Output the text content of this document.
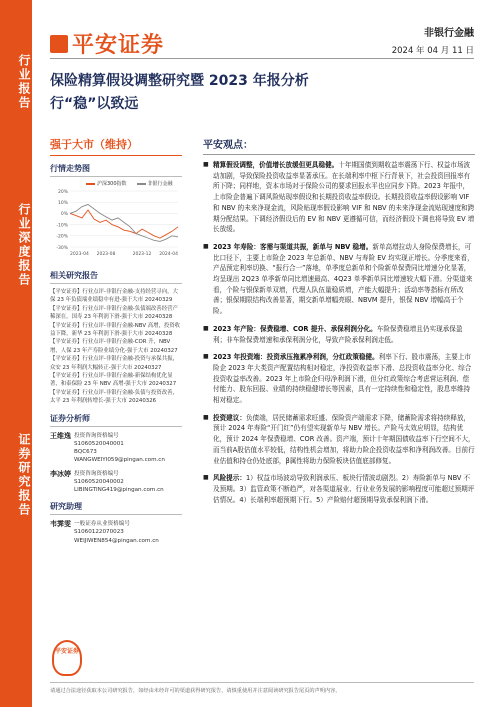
行业报告
行业深度报告
证券研究报告
平安证券	非银行金融
2024 年 04 月 11 日
保险精算假设调整研究暨 2023 年报分析
行“稳”以致远
强于大市（维持）
行情走势图
沪深300指数	非银行金融
20%
10%
0%
-10%
-20%
-30%
2023-04 2023-08	2023-12 2024-04
相关研究报告
【平安证券】行业点评-非银行金融-支持经营寻向，大保 23 年负债端业绩稳中有进-强于大市 20240329
【平安证券】行业点评-非银行金融-负债端改善经营产稀深在，国寿 23 年利润下滑-强于大市 20240328
【平安证券】行业点评-非银行金融-NBV 高增，投资收益下降，新华 23 年利润下滑-强于大市 20240328
【平安证券】行业点评-非银行金融-COR 升，NBV 增，人保 23 年产寿险业绩分化-强于大市 20240327
【平安证券】行业点评-非银行金融-投资与承保共振，众安 23 年利润大幅转正-强于大市 20240327
【平安证券】行业点评-非银行金融-新保结构优化显著，和泰保险 23 年 NBV 高增-强于大市 20240327
【平安证券】行业点评-非银行金融-负债与投资改善，太平 23 年利润转增长-强于大市 20240326
证券分析师
王维逸 投资咨询资格编号
S1060520040001
BQC673
WANGWEIYI059@pingan.com.cn
李冰婷 投资咨询资格编号
S1060520040002
LIBINGTING419@pingan.com.cn
研究助理
韦霁雯 一般证券从业资格编号
S1060122070023
WEIJIWEN854@pingan.com.cn
平安证券
平安观点：
■ 精算假设调整，价值增长放缓但更具稳健。十年期国债到期收益率震荡下行、权益市场波动加剧，导致保险投资收益率显著承压。在长端利率中枢下行背景下，社会投资回报率有所下降；同样地，资本市场对于保险公司的要求回报水平也应同步下降。2023 年报中，上市险企普遍下调风险贴现率假设和长期投资收益率假设。长期投资收益率假设影响 VIF 和 NBV 的未来净现金流，风险贴现率假设影响 VIF 和 NBV 的未来净现金流贴现速度和跨期分配结果。下调经济假设后的 EV 和 NBV 更遵循可信，而经济假设下调也将导致 EV 增长放缓。
■ 2023 年寿险：客需与渠道共振，新单与 NBV 稳增。新单高增拉动人身险保费增长，可比口径下，主要上市险企 2023 年总新单、NBV 与寿险 EV 均实现正增长。分季度来看，产品预定利率切换、“报行合一”落地，单季度总新单和个险新单保费同比增速分化显著，均呈现出 2Q23 单季新单同比增速最高、4Q23 单季新单同比增速较大幅下滑。分渠道来看，个险与银保新单双增，代理人队伍量稳质增，产能大幅提升；活动率等指标有所改善；银保期限结构改善显著，期交新单增幅亮眼、NBVM 提升，银保 NBV 增幅高于个险。
■ 2023 年产险：保费稳增、COR 提升、承保利润分化。车险保费稳增且仍实现承保盈利；非车险保费增速和承保利润分化，导致产险承保利润走低。
■ 2023 年投资端：投资承压拖累净利润，分红政策稳健。利率下行、股市震荡，主要上市险企 2023 年大类资产配置结构相对稳定，净投资收益率下滑、总投资收益率分化、综合投资收益率改善。2023 年上市险企归母净利润下滑，但分红政策综合考虑营运利润、偿付能力、股东回报、业绩的持续稳健增长等因素，具有一定持续性和稳定性，股息率维持相对稳定。
■ 投资建议：负债端，居民储蓄需求旺盛、保险资产端需求下降，储蓄险需求将持续释放，预计 2024 年寿险“开门红”仍有望实现新单与 NBV 增长。产险马太效应明显，结构优化，预计 2024 年保费稳增、COR 改善。资产端，预计十年期国债收益率下行空间不大，而当前A股估值水平较低，结构性机会增加，将助力险企投资收益率和净利润改善。目前行业估值和持仓仍处底部，β属性将助力保险板块估值底部修复。
■ 风险提示：1）权益市场波动导致利润承压、板块行情波动剧烈。2）寿险新单与 NBV 不及预期。3）监管政策不断趋严，对各渠道展业、行业业务发展的影响程度可能超过预期评估情况。4）长端利率超预期下行。5）产险赔付超预期导致承保利润下滑。
请通过合法途径获取本公司研究报告，如经由未经许可的渠道获得研究报告，请慎重使用并注意阅读研究报告尾页的声明内容。
